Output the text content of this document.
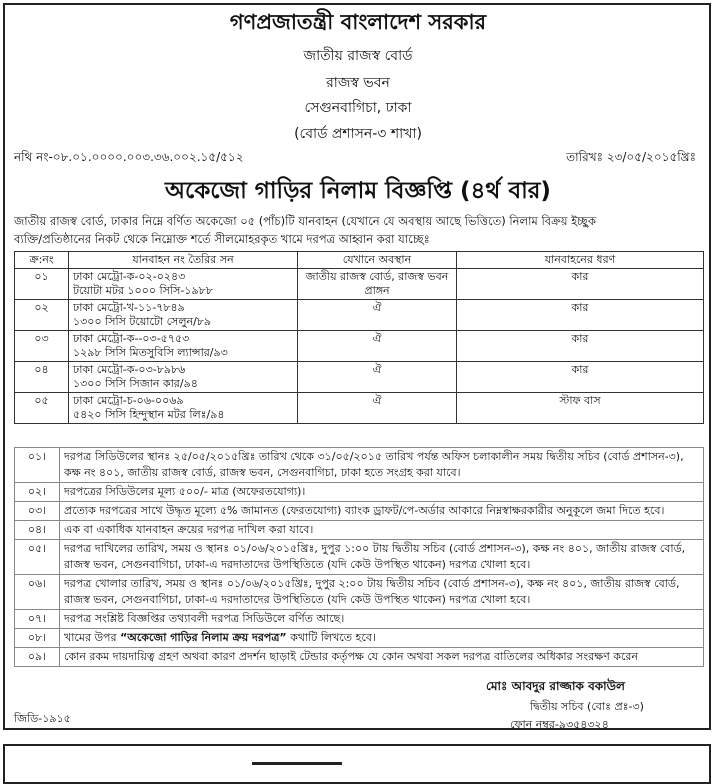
গণপ্রজাতন্ত্রী বাংলাদেশ সরকার
জাতীয় রাজস্ব বোর্ড
রাজস্ব ভবন
সেগুনবাগিচা, ঢাকা
(বোর্ড প্রশাসন-৩ শাখা)
নথি নং-০৮.০১.০০০০.০০৩.৩৬.০০২.১৫/৫১২	তারিখঃ ২৩/০৫/২০১৫খ্রিঃ
অকেজো গাড়ির নিলাম বিজ্ঞপ্তি (৪র্থ বার)
জাতীয় রাজস্ব বোর্ড, ঢাকার নিম্নে বর্ণিত অকেজো ০৫ (পাঁচ)টি যানবাহন (যেখানে যে অবস্থায় আছে ভিত্তিতে) নিলাম বিক্রয় ইচ্ছুক
ব্যক্তি/প্রতিষ্ঠানের নিকট থেকে নিম্নোক্ত শর্তে সীলমোহরকৃত খামে দরপত্র আহ্বান করা যাচ্ছেঃ
ক্র:নং	যানবাহন নং তৈরির সন	যেখানে অবস্থান	যানবাহনের ধরণ
০১	ঢাকা মেট্রো-ক-০২-০২৪৩
টয়োটা মটর ১০০০ সিসি-১৯৮৮	জাতীয় রাজস্ব বোর্ড, রাজস্ব ভবন প্রাঙ্গন	কার
০২	ঢাকা মেট্রো-খ-১১-৭৮৪৯
১৩০০ সিসি টয়োটো সেলুন/৮৯	ঐ	কার
০৩	ঢাকা মেট্রো-ক--০৩-৫৭৫৩
১২৯৮ সিসি মিতসুবিসি ল্যান্সার/৯৩	ঐ	কার
০৪	ঢাকা মেট্রো-ক-০৩-৮৯৮৬
১৩০০ সিসি সিজান কার/৯৪	ঐ	কার
০৫	ঢাকা মেট্রো-চ-০৬-০০৬৯
৫৪২০ সিসি হিন্দুস্থান মটর লিঃ/৯৪	ঐ	স্টাফ বাস
০১।	দরপত্র সিডিউলের স্থানঃ ২৫/০৫/২০১৫খ্রিঃ তারিখ থেকে ৩১/০৫/২০১৫ তারিখ পর্যন্ত অফিস চলাকালীন সময় দ্বিতীয় সচিব (বোর্ড প্রশাসন-৩), কক্ষ নং ৪০১, জাতীয় রাজস্ব বোর্ড, রাজস্ব ভবন, সেগুনবাগিচা, ঢাকা হতে সংগ্রহ করা যাবে।
০২।	দরপত্রের সিডিউলের মূল্য ৫০০/- মাত্র (অফেরতযোগ্য)।
০৩।	প্রত্যেক দরপত্রের সাথে উদ্ধৃত মূল্যে ৫% জামানত (ফেরতযোগ্য) ব্যাংক ড্রাফট/পে-অর্ডার আকারে নিম্নস্বাক্ষরকারীর অনুকূলে জমা দিতে হবে।
০৪।	এক বা একাধিক যানবাহন ক্রয়ের দরপত্র দাখিল করা যাবে।
০৫।	দরপত্র দাখিলের তারিখ, সময় ও স্থানঃ ০১/০৬/২০১৫খ্রিঃ, দুপুর ১:০০ টায় দ্বিতীয় সচিব (বোর্ড প্রশাসন-৩), কক্ষ নং ৪০১, জাতীয় রাজস্ব বোর্ড, রাজস্ব ভবন, সেগুনবাগিচা, ঢাকা-এ দরদাতাদের উপস্থিতিতে (যদি কেউ উপস্থিত থাকেন) দরপত্র খোলা হবে।
০৬।	দরপত্র খোলার তারিখ, সময় ও স্থানঃ ০১/০৬/২০১৫খ্রিঃ, দুপুর ২:০০ টায় দ্বিতীয় সচিব (বোর্ড প্রশাসন-৩), কক্ষ নং ৪০১, জাতীয় রাজস্ব বোর্ড, রাজস্ব ভবন, সেগুনবাগিচা, ঢাকা-এ দরদাতাদের উপস্থিতিতে (যদি কেউ উপস্থিত থাকেন) দরপত্র খোলা হবে।
০৭।	দরপত্র সংশ্লিষ্ট বিজ্ঞপ্তির তথ্যাবলী দরপত্র সিডিউলে বর্ণিত আছে।
০৮।	খামের উপর “অকেজো গাড়ির নিলাম ক্রয় দরপত্র” কথাটি লিখতে হবে।
০৯।	কোন রকম দায়দায়িত্ব গ্রহণ অথবা কারণ প্রদর্শন ছাড়াই টেন্ডার কর্তৃপক্ষ যে কোন অথবা সকল দরপত্র বাতিলের অধিকার সংরক্ষণ করেন
মোঃ আবদুর রাজ্জাক বকাউল
দ্বিতীয় সচিব (বোঃ প্রঃ-৩)
ফোন নম্বর-৯৩৫৪৩২৪
জিডি-১৯১৫
